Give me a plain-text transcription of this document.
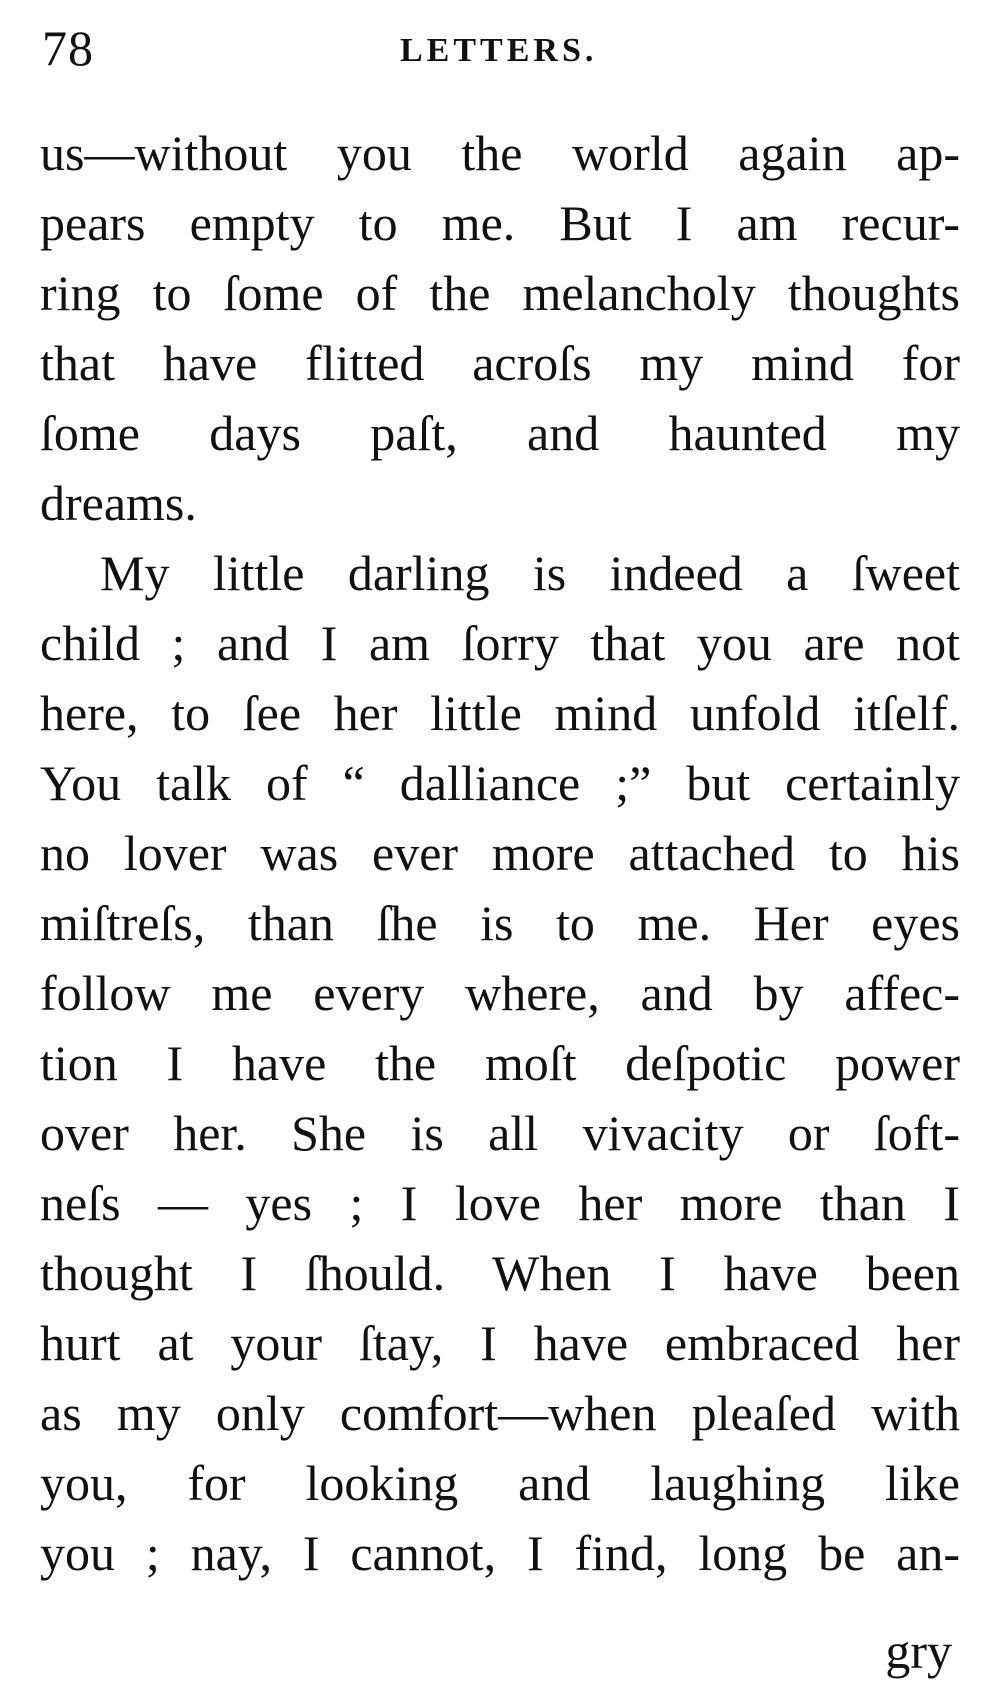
78	LETTERS.
us—without you the world again ap-
pears empty to me. But I am recur-
ring to ſome of the melancholy thoughts
that have flitted acroſs my mind for
ſome days paſt, and haunted my
dreams.
My little darling is indeed a ſweet
child ; and I am ſorry that you are not
here, to ſee her little mind unfold itſelf.
You talk of “ dalliance ;” but certainly
no lover was ever more attached to his
miſtreſs, than ſhe is to me. Her eyes
follow me every where, and by affec-
tion I have the moſt deſpotic power
over her. She is all vivacity or ſoft-
neſs — yes ; I love her more than I
thought I ſhould. When I have been
hurt at your ſtay, I have embraced her
as my only comfort—when pleaſed with
you, for looking and laughing like
you ; nay, I cannot, I find, long be an-
gry
